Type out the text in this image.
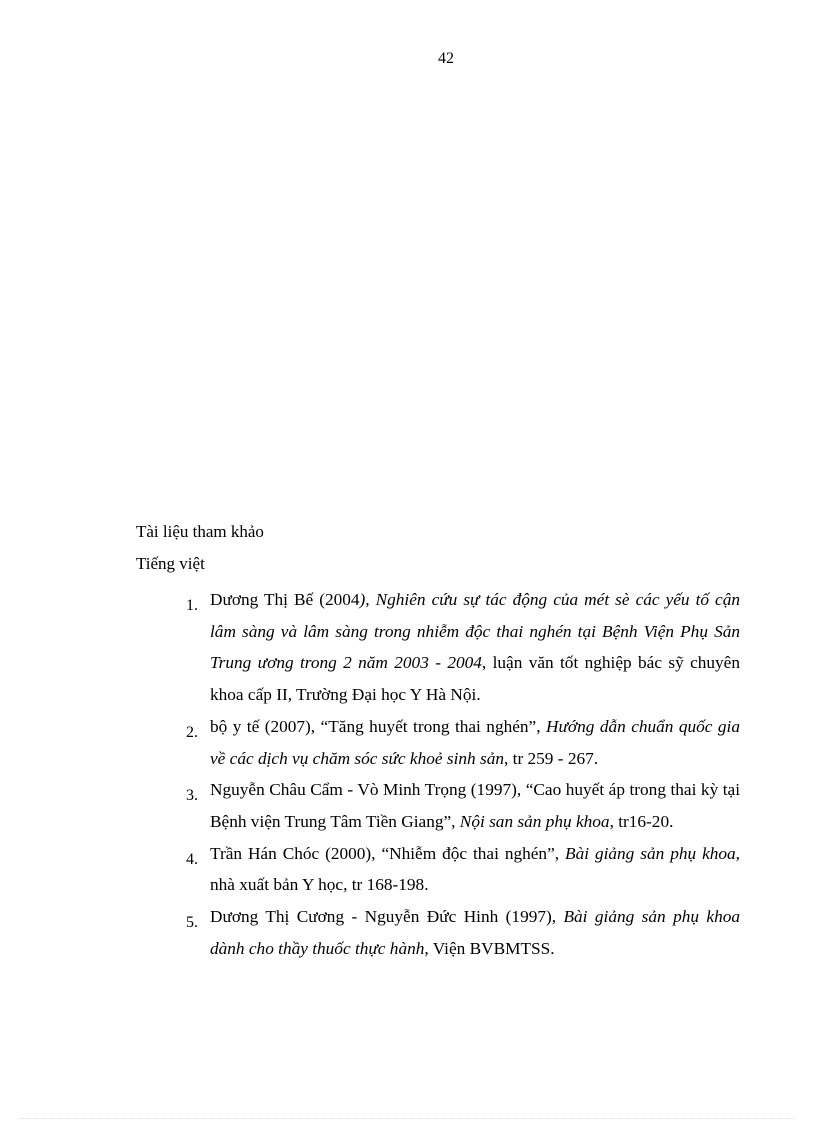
42
Tài liệu tham khảo
Tiếng việt
1. Dương Thị Bế (2004), Nghiên cứu sự tác động của mét sè các yếu tố cận lâm sàng và lâm sàng trong nhiễm độc thai nghén tại Bệnh Viện Phụ Sản Trung ương trong 2 năm 2003 - 2004, luận văn tốt nghiệp bác sỹ chuyên khoa cấp II, Trường Đại học Y Hà Nội.
2. bộ y tế (2007), “Tăng huyết trong thai nghén”, Hướng dẫn chuẩn quốc gia về các dịch vụ chăm sóc sức khoẻ sinh sản, tr 259 - 267.
3. Nguyễn Châu Cẩm - Vò Minh Trọng (1997), “Cao huyết áp trong thai kỳ tại Bệnh viện Trung Tâm Tiền Giang”, Nội san sản phụ khoa, tr16-20.
4. Trần Hán Chóc (2000), “Nhiễm độc thai nghén”, Bài giảng sản phụ khoa, nhà xuất bản Y học, tr 168-198.
5. Dương Thị Cương - Nguyễn Đức Hinh (1997), Bài giảng sản phụ khoa dành cho thầy thuốc thực hành, Viện BVBMTSS.
